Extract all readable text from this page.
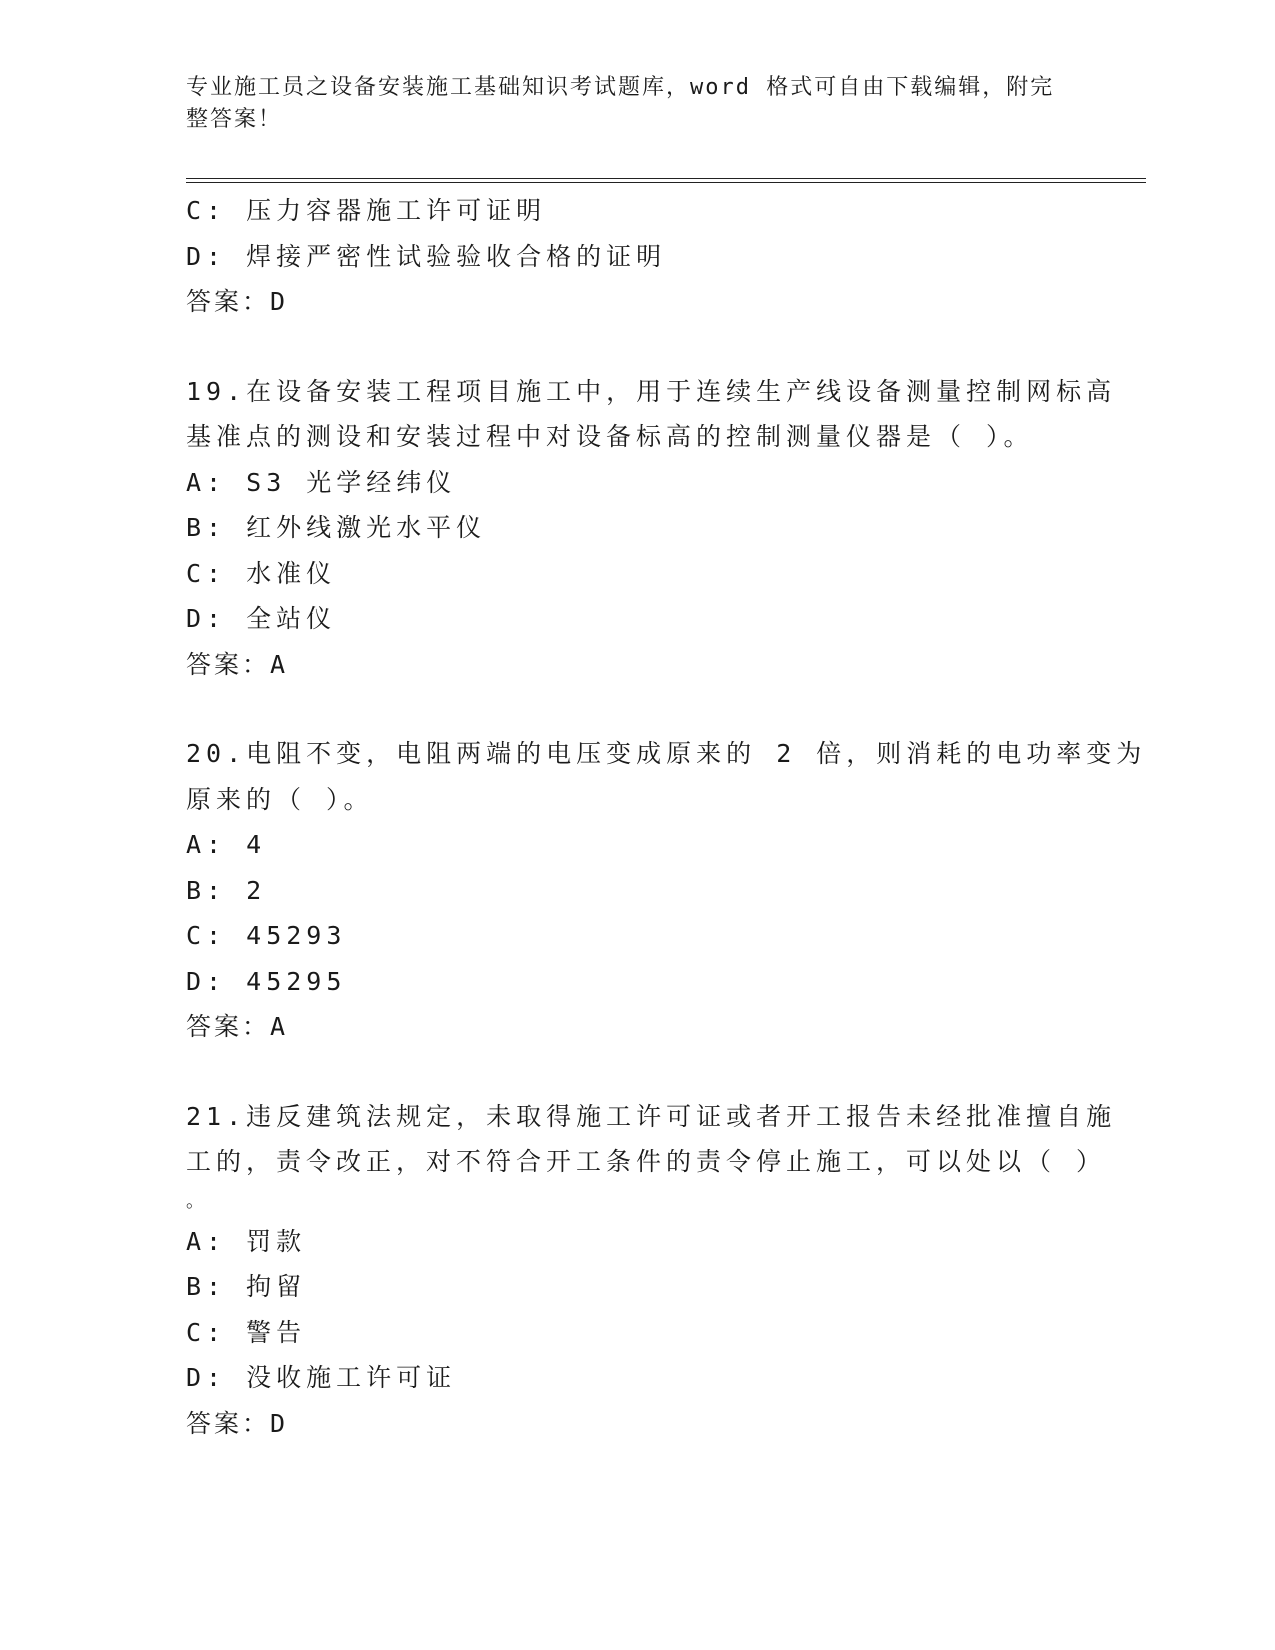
专业施工员之设备安装施工基础知识考试题库，word 格式可自由下载编辑，附完整答案！
C: 压力容器施工许可证明
D: 焊接严密性试验验收合格的证明
答案：D
19.在设备安装工程项目施工中，用于连续生产线设备测量控制网标高
基准点的测设和安装过程中对设备标高的控制测量仪器是（ ）。
A: S3 光学经纬仪
B: 红外线激光水平仪
C: 水准仪
D: 全站仪
答案：A
20.电阻不变，电阻两端的电压变成原来的 2 倍，则消耗的电功率变为
原来的（ ）。
A: 4
B: 2
C: 45293
D: 45295
答案：A
21.违反建筑法规定，未取得施工许可证或者开工报告未经批准擅自施
工的，责令改正，对不符合开工条件的责令停止施工，可以处以（ ）
。
A: 罚款
B: 拘留
C: 警告
D: 没收施工许可证
答案：D
